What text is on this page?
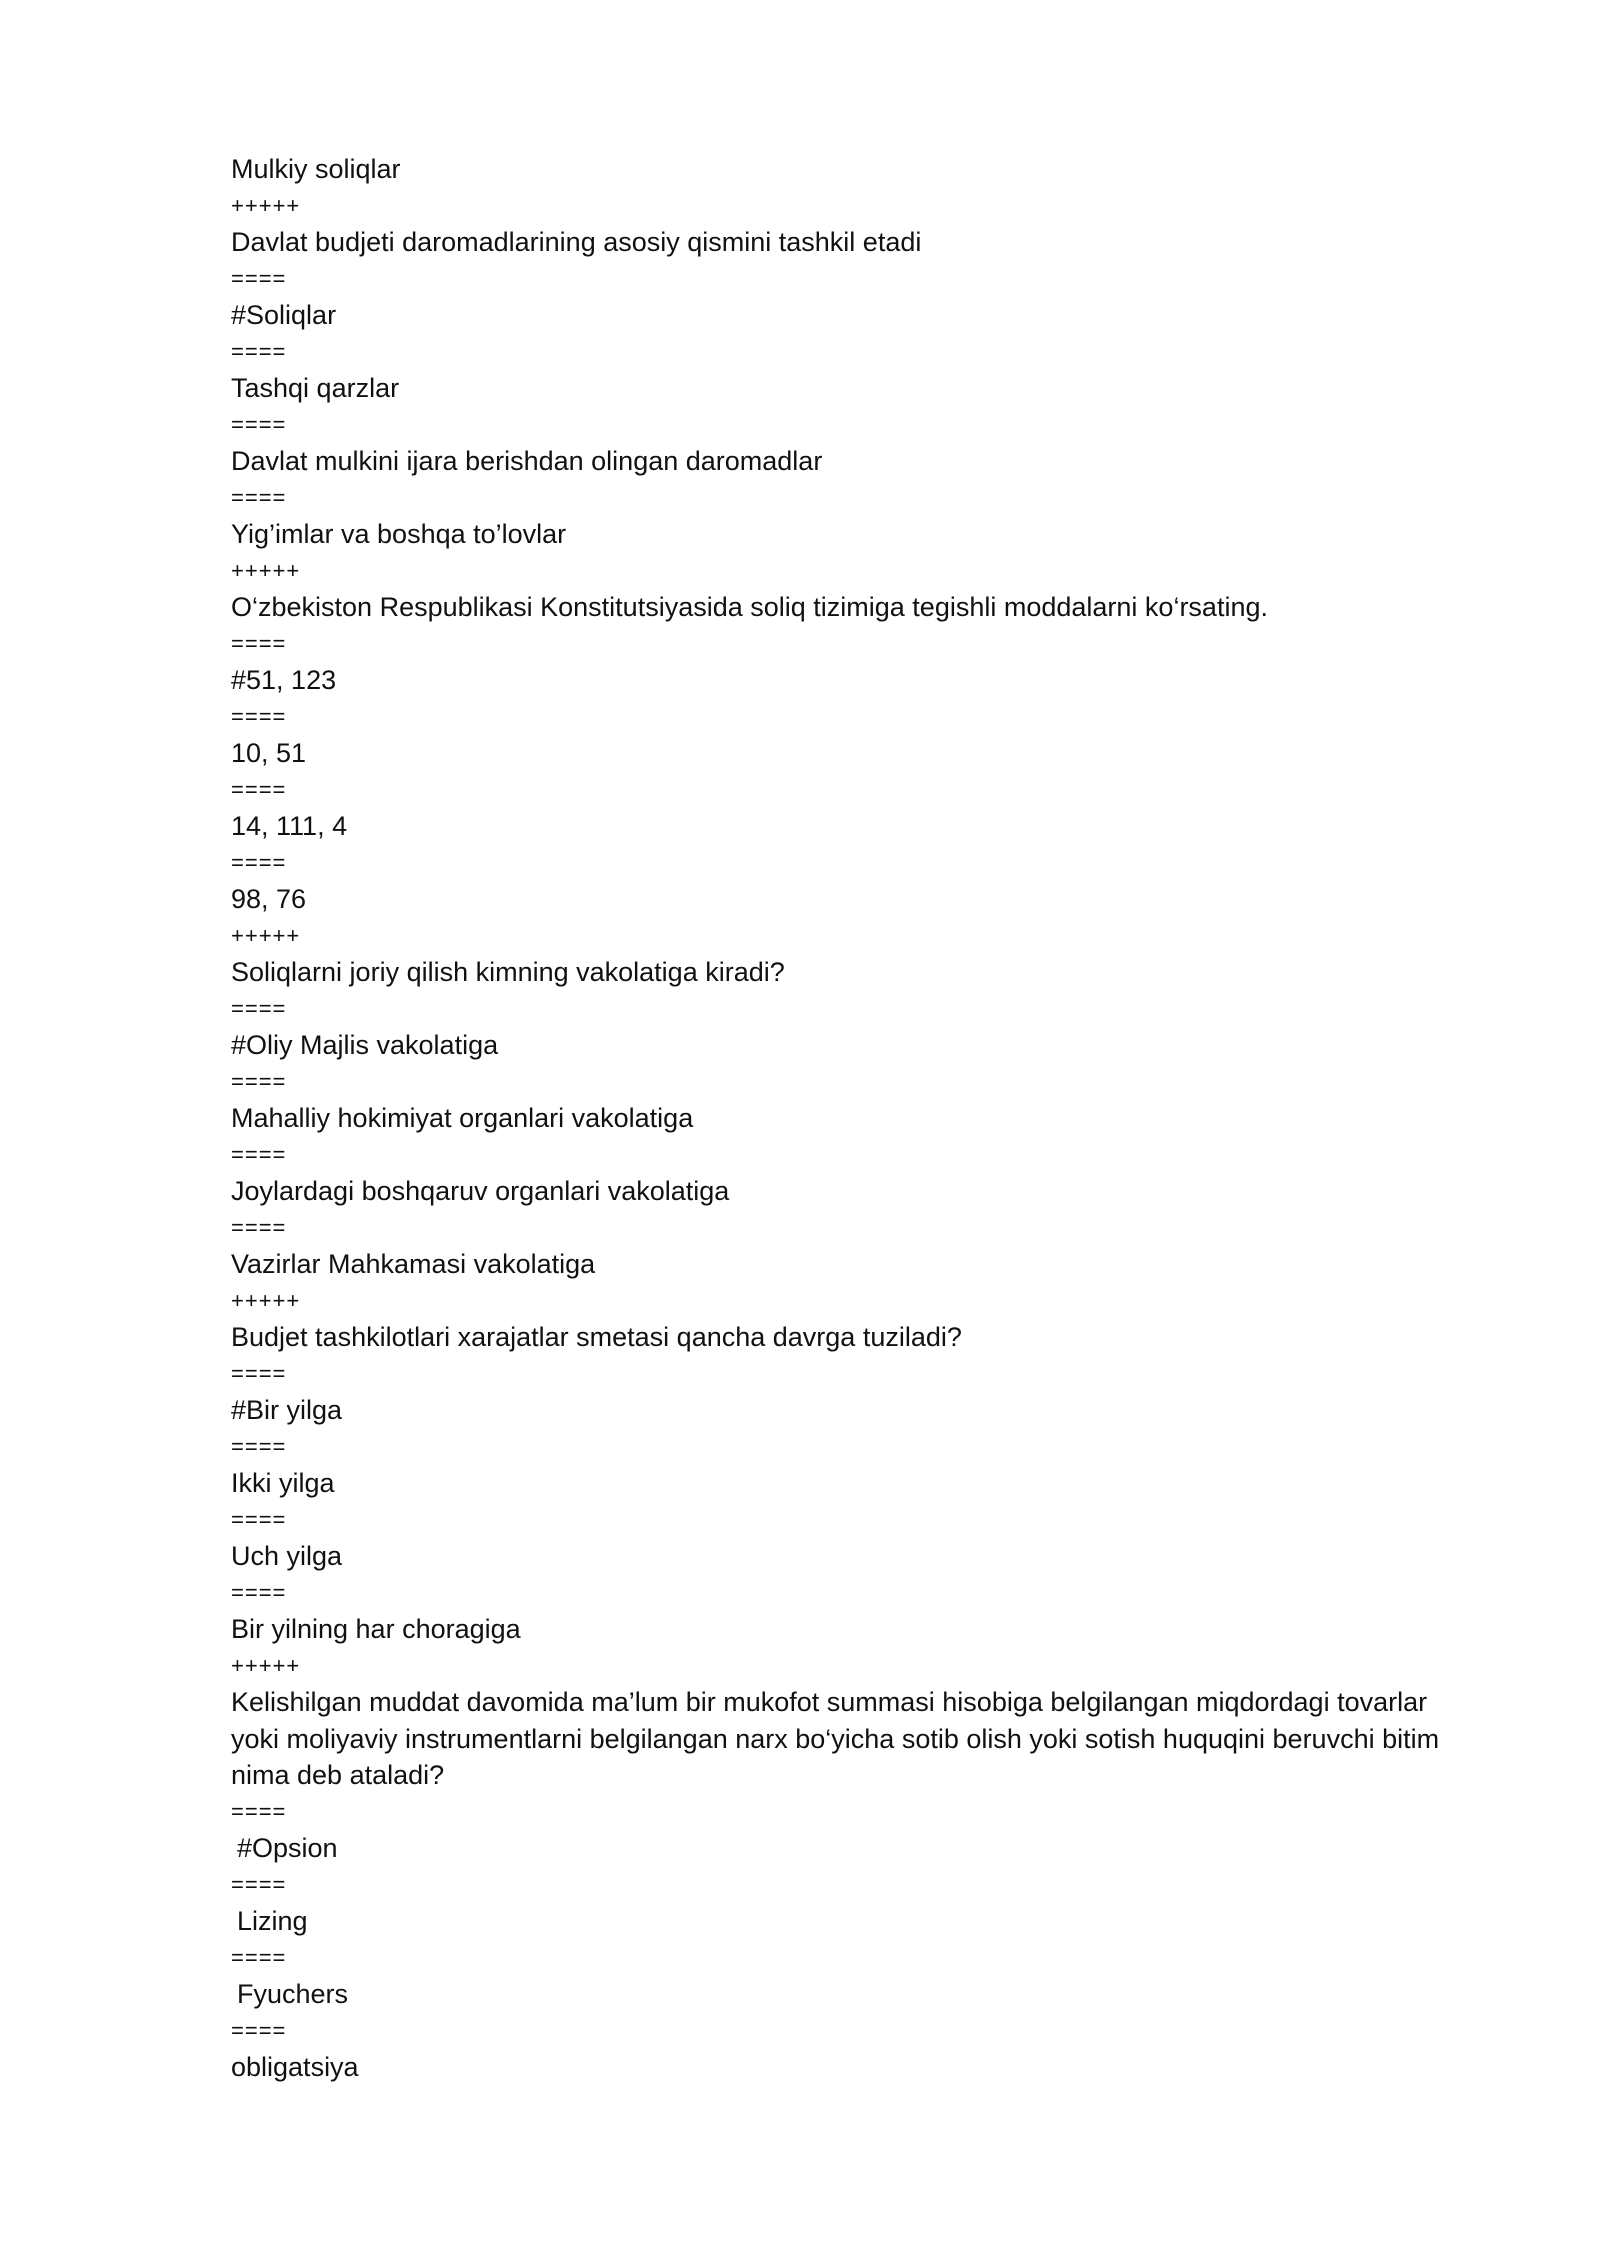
Mulkiy soliqlar
+++++
Davlat budjeti daromadlarining asosiy qismini tashkil etadi
====
#Soliqlar
====
Tashqi qarzlar
====
Davlat mulkini ijara berishdan olingan daromadlar
====
Yig’imlar va boshqa to’lovlar
+++++
O‘zbekiston Respublikasi Konstitutsiyasida soliq tizimiga tegishli moddalarni ko‘rsating.
====
#51, 123
====
10, 51
====
14, 111, 4
====
98, 76
+++++
Soliqlarni joriy qilish kimning vakolatiga kiradi?
====
#Oliy Majlis vakolatiga
====
Mahalliy hokimiyat organlari vakolatiga
====
Joylardagi boshqaruv organlari vakolatiga
====
Vazirlar Mahkamasi vakolatiga
+++++
Budjet tashkilotlari xarajatlar smetasi qancha davrga tuziladi?
====
#Bir yilga
====
Ikki yilga
====
Uch yilga
====
Bir yilning har choragiga
+++++
Kelishilgan muddat davomida ma’lum bir mukofot summasi hisobiga belgilangan miqdordagi tovarlar
yoki moliyaviy instrumentlarni belgilangan narx bo‘yicha sotib olish yoki sotish huquqini beruvchi bitim
nima deb ataladi?
====
#Opsion
====
Lizing
====
Fyuchers
====
obligatsiya
